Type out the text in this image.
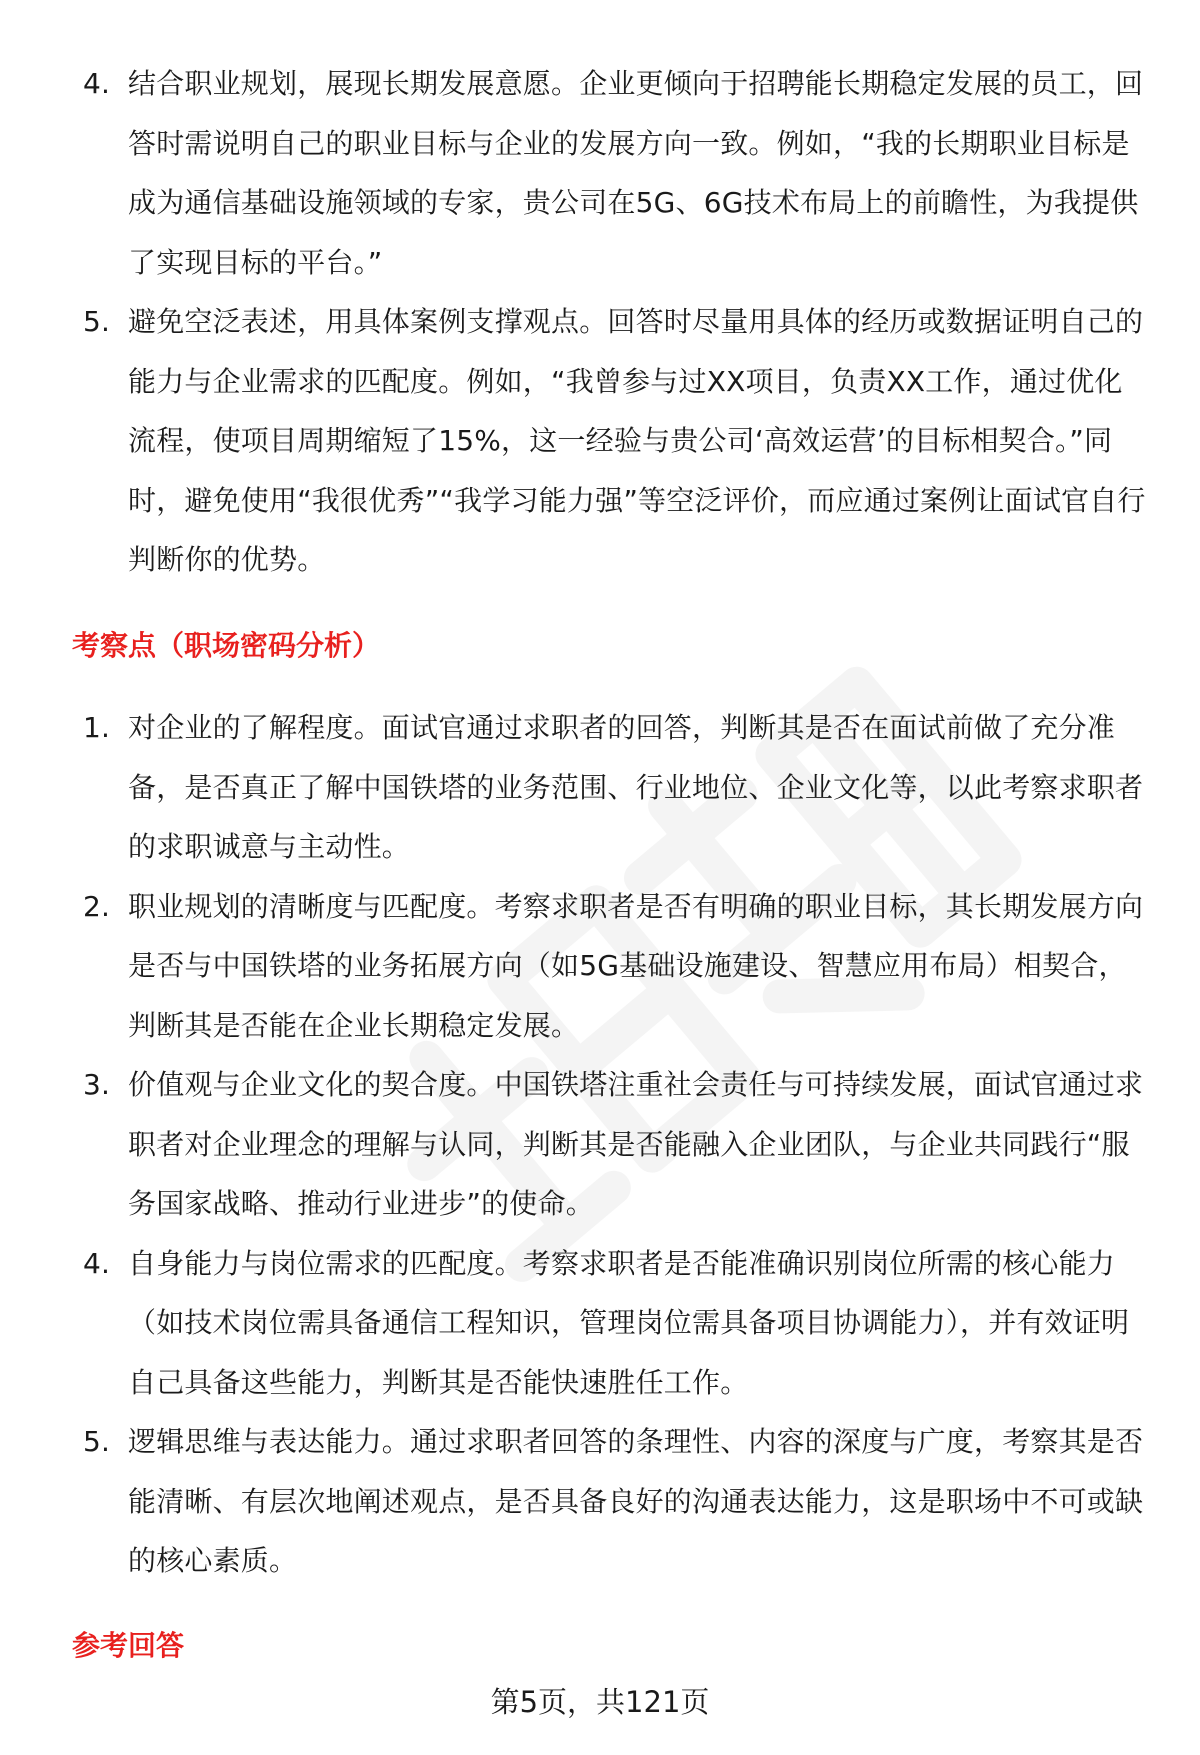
4. 结合职业规划，展现长期发展意愿。企业更倾向于招聘能长期稳定发展的员工，回答时需说明自己的职业目标与企业的发展方向一致。例如，“我的长期职业目标是成为通信基础设施领域的专家，贵公司在5G、6G技术布局上的前瞻性，为我提供了实现目标的平台。”
5. 避免空泛表述，用具体案例支撑观点。回答时尽量用具体的经历或数据证明自己的能力与企业需求的匹配度。例如，“我曾参与过XX项目，负责XX工作，通过优化流程，使项目周期缩短了15%，这一经验与贵公司‘高效运营’的目标相契合。”同时，避免使用“我很优秀”“我学习能力强”等空泛评价，而应通过案例让面试官自行判断你的优势。
考察点（职场密码分析）
1. 对企业的了解程度。面试官通过求职者的回答，判断其是否在面试前做了充分准备，是否真正了解中国铁塔的业务范围、行业地位、企业文化等，以此考察求职者的求职诚意与主动性。
2. 职业规划的清晰度与匹配度。考察求职者是否有明确的职业目标，其长期发展方向是否与中国铁塔的业务拓展方向（如5G基础设施建设、智慧应用布局）相契合，判断其是否能在企业长期稳定发展。
3. 价值观与企业文化的契合度。中国铁塔注重社会责任与可持续发展，面试官通过求职者对企业理念的理解与认同，判断其是否能融入企业团队，与企业共同践行“服务国家战略、推动行业进步”的使命。
4. 自身能力与岗位需求的匹配度。考察求职者是否能准确识别岗位所需的核心能力（如技术岗位需具备通信工程知识，管理岗位需具备项目协调能力），并有效证明自己具备这些能力，判断其是否能快速胜任工作。
5. 逻辑思维与表达能力。通过求职者回答的条理性、内容的深度与广度，考察其是否能清晰、有层次地阐述观点，是否具备良好的沟通表达能力，这是职场中不可或缺的核心素质。
参考回答
第5页，共121页
